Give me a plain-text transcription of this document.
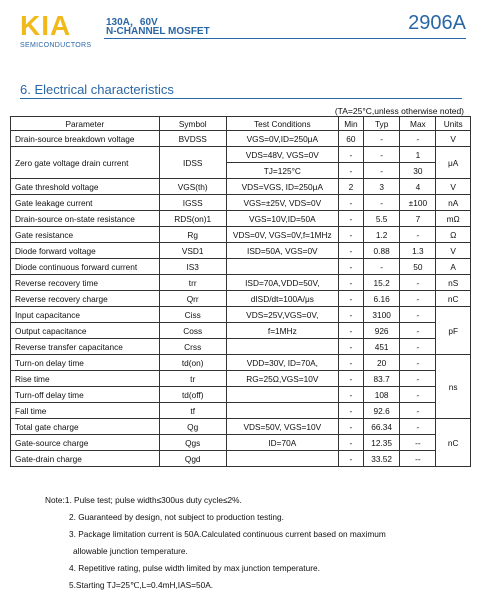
KIA
SEMICONDUCTORS
130A，60V
N-CHANNEL MOSFET	2906A
6. Electrical characteristics
(TA=25°C,unless otherwise noted)
Parameter	Symbol	Test Conditions	Min	Typ	Max	Units
Drain-source breakdown voltage	BVDSS	VGS=0V,ID=250μA	60	-	-	V
Zero gate voltage drain current	IDSS	VDS=48V, VGS=0V	-	-	1	μA
		TJ=125°C	-	-	30	
Gate threshold voltage	VGS(th)	VDS=VGS, ID=250μA	2	3	4	V
Gate leakage current	IGSS	VGS=±25V, VDS=0V	-	-	±100	nA
Drain-source on-state resistance	RDS(on)1	VGS=10V,ID=50A	-	5.5	7	mΩ
Gate resistance	Rg	VDS=0V, VGS=0V,f=1MHz	-	1.2	-	Ω
Diode forward voltage	VSD1	ISD=50A, VGS=0V	-	0.88	1.3	V
Diode continuous forward current	IS3		-	-	50	A
Reverse recovery time	trr	ISD=70A,VDD=50V,	-	15.2	-	nS
Reverse recovery charge	Qrr	dISD/dt=100A/μs	-	6.16	-	nC
Input capacitance	Ciss	VDS=25V,VGS=0V,	-	3100	-	pF
Output capacitance	Coss	f=1MHz	-	926	-	
Reverse transfer capacitance	Crss		-	451	-	
Turn-on delay time	td(on)	VDD=30V, ID=70A,	-	20	-	ns
Rise time	tr	RG=25Ω,VGS=10V	-	83.7	-	
Turn-off delay time	td(off)		-	108	-	
Fall time	tf		-	92.6	-	
Total gate charge	Qg	VDS=50V, VGS=10V	-	66.34	-	nC
Gate-source charge	Qgs	ID=70A	-	12.35	--	
Gate-drain charge	Qgd		-	33.52	--	
Note:1. Pulse test; pulse width≤300us duty cycle≤2%.
2. Guaranteed by design, not subject to production testing.
3. Package limitation current is 50A.Calculated continuous current based on maximum
allowable junction temperature.
4. Repetitive rating, pulse width limited by max junction temperature.
5.Starting TJ=25℃,L=0.4mH,IAS=50A.
